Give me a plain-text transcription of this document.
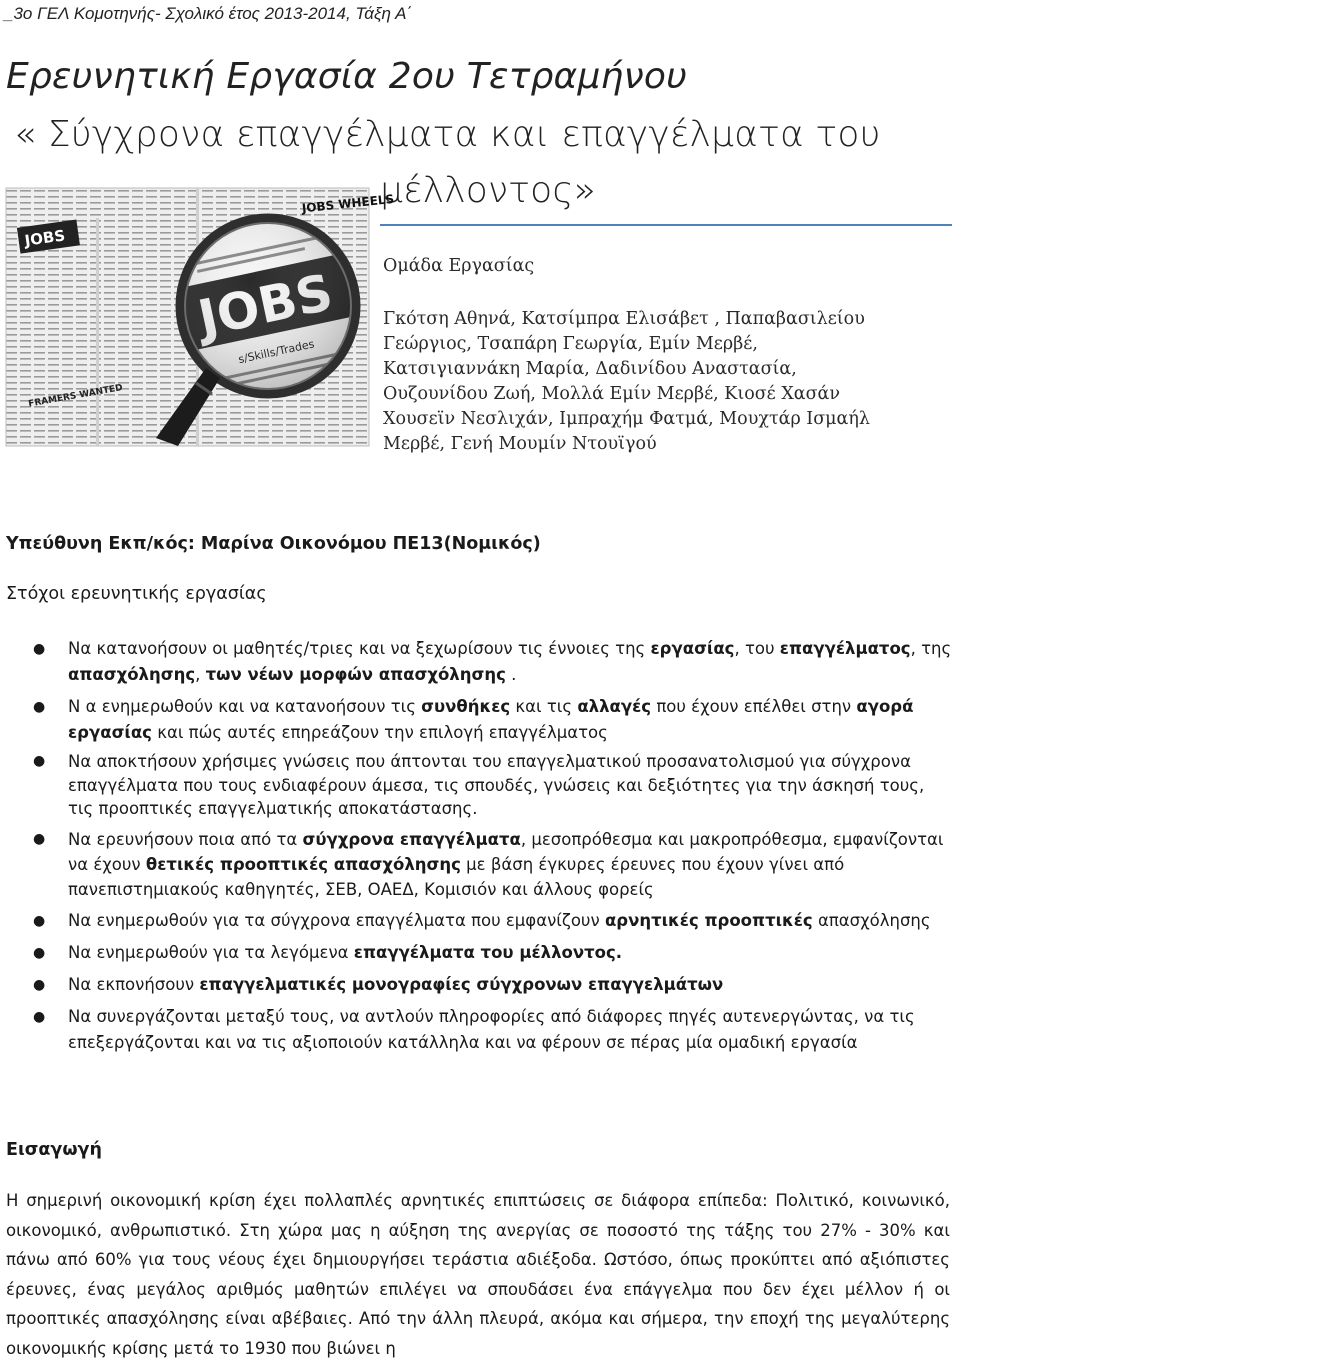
_3ο ΓΕΛ Κομοτηνής- Σχολικό έτος 2013-2014, Τάξη Α΄
Ερευνητική Εργασία 2ου Τετραμήνου
« Σύγχρονα επαγγέλματα και επαγγέλματα του
μέλλοντος»
JOBS
JOBS WHEELS
FRAMERS WANTED
Ομάδα Εργασίας
Γκότση Αθηνά, Κατσίμπρα Ελισάβετ , Παπαβασιλείου
Γεώργιος, Τσαπάρη Γεωργία, Εμίν Μερβέ,
Κατσιγιαννάκη Μαρία, Δαδινίδου Αναστασία,
Ουζουνίδου Ζωή, Μολλά Εμίν Μερβέ, Κιοσέ Χασάν
Χουσεϊν Νεσλιχάν, Ιμπραχήμ Φατμά, Μουχτάρ Ισμαήλ
Μερβέ, Γενή Μουμίν Ντουϊγού
Υπεύθυνη Εκπ/κός: Μαρίνα Οικονόμου ΠΕ13(Νομικός)
Στόχοι ερευνητικής εργασίας
● Να κατανοήσουν οι μαθητές/τριες και να ξεχωρίσουν τις έννοιες της εργασίας, του επαγγέλματος, της απασχόλησης, των νέων μορφών απασχόλησης .
● Ν α ενημερωθούν και να κατανοήσουν τις συνθήκες και τις αλλαγές που έχουν επέλθει στην αγορά εργασίας και πώς αυτές επηρεάζουν την επιλογή επαγγέλματος
● Να αποκτήσουν χρήσιμες γνώσεις που άπτονται του επαγγελματικού προσανατολισμού για σύγχρονα επαγγέλματα που τους ενδιαφέρουν άμεσα, τις σπουδές, γνώσεις και δεξιότητες για την άσκησή τους, τις προοπτικές επαγγελματικής αποκατάστασης.
● Να ερευνήσουν ποια από τα σύγχρονα επαγγέλματα, μεσοπρόθεσμα και μακροπρόθεσμα, εμφανίζονται να έχουν θετικές προοπτικές απασχόλησης με βάση έγκυρες έρευνες που έχουν γίνει από πανεπιστημιακούς καθηγητές, ΣΕΒ, ΟΑΕΔ, Κομισιόν και άλλους φορείς
● Να ενημερωθούν για τα σύγχρονα επαγγέλματα που εμφανίζουν αρνητικές προοπτικές απασχόλησης
● Να ενημερωθούν για τα λεγόμενα επαγγέλματα του μέλλοντος.
● Να εκπονήσουν επαγγελματικές μονογραφίες σύγχρονων επαγγελμάτων
● Να συνεργάζονται μεταξύ τους, να αντλούν πληροφορίες από διάφορες πηγές αυτενεργώντας, να τις επεξεργάζονται και να τις αξιοποιούν κατάλληλα και να φέρουν σε πέρας μία ομαδική εργασία
Εισαγωγή

Η σημερινή οικονομική κρίση έχει πολλαπλές αρνητικές επιπτώσεις σε διάφορα επίπεδα: Πολιτικό, κοινωνικό, οικονομικό, ανθρωπιστικό. Στη χώρα μας η αύξηση της ανεργίας σε ποσοστό της τάξης του 27% - 30% και πάνω από 60% για τους νέους έχει δημιουργήσει τεράστια αδιέξοδα. Ωστόσο, όπως προκύπτει από αξιόπιστες έρευνες, ένας μεγάλος αριθμός μαθητών επιλέγει να σπουδάσει ένα επάγγελμα που δεν έχει μέλλον ή οι προοπτικές απασχόλησης είναι αβέβαιες. Από την άλλη πλευρά, ακόμα και σήμερα, την εποχή της μεγαλύτερης οικονομικής κρίσης μετά το 1930 που βιώνει η
